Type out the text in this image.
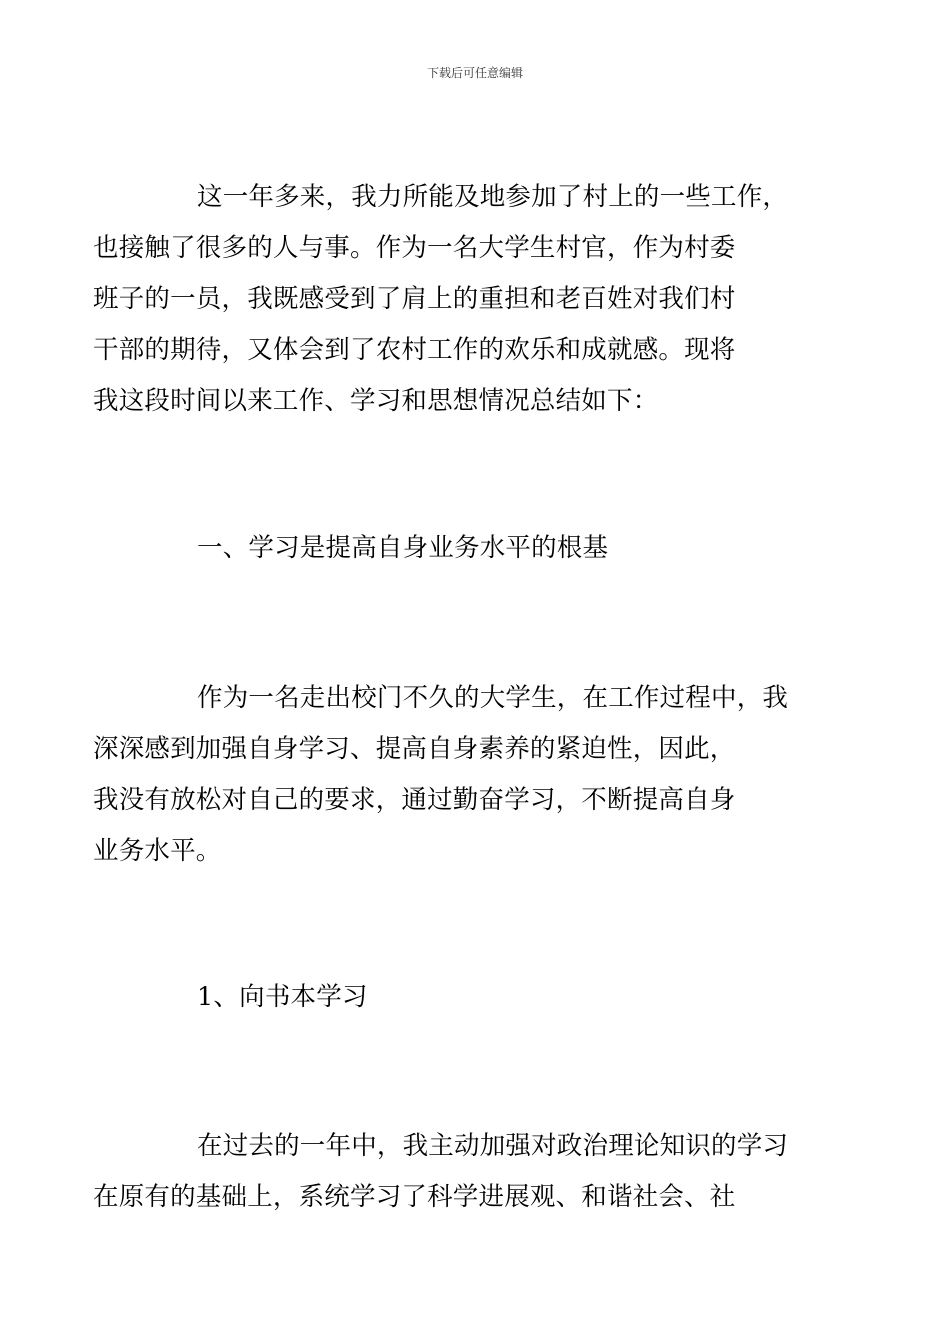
下载后可任意编辑
这一年多来，我力所能及地参加了村上的一些工作，
也接触了很多的人与事。作为一名大学生村官，作为村委
班子的一员，我既感受到了肩上的重担和老百姓对我们村
干部的期待，又体会到了农村工作的欢乐和成就感。现将
我这段时间以来工作、学习和思想情况总结如下：
一、学习是提高自身业务水平的根基
作为一名走出校门不久的大学生，在工作过程中，我
深深感到加强自身学习、提高自身素养的紧迫性，因此，
我没有放松对自己的要求，通过勤奋学习，不断提高自身
业务水平。
1、向书本学习
在过去的一年中，我主动加强对政治理论知识的学习
在原有的基础上，系统学习了科学进展观、和谐社会、社
